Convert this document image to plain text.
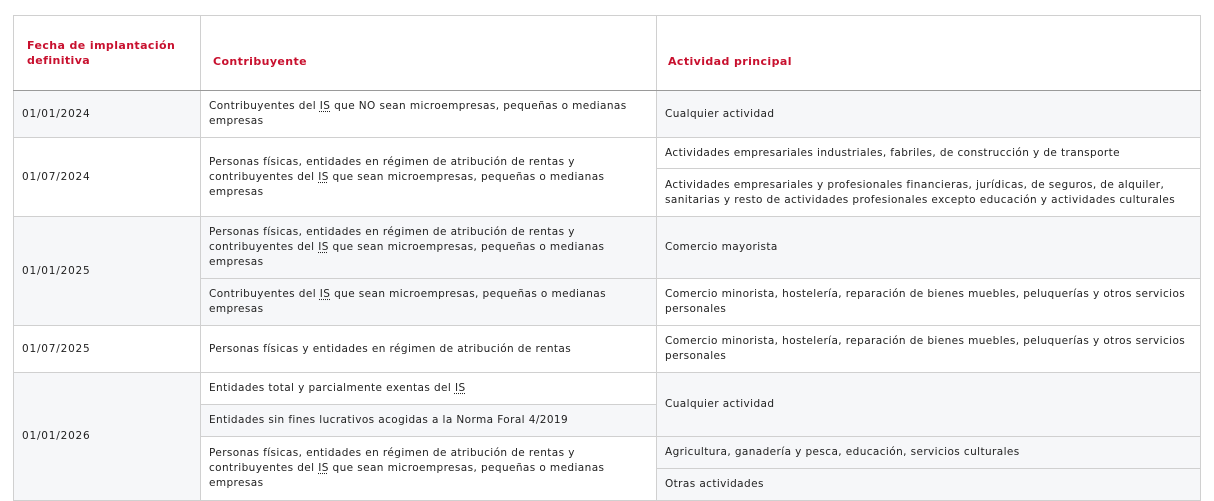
Fecha de implantación definitiva	Contribuyente	Actividad principal
01/01/2024	Contribuyentes del IS que NO sean microempresas, pequeñas o medianas empresas	Cualquier actividad
01/07/2024	Personas físicas, entidades en régimen de atribución de rentas y contribuyentes del IS que sean microempresas, pequeñas o medianas empresas	Actividades empresariales industriales, fabriles, de construcción y de transporte
		Actividades empresariales y profesionales financieras, jurídicas, de seguros, de alquiler, sanitarias y resto de actividades profesionales excepto educación y actividades culturales
01/01/2025	Personas físicas, entidades en régimen de atribución de rentas y contribuyentes del IS que sean microempresas, pequeñas o medianas empresas	Comercio mayorista
	Contribuyentes del IS que sean microempresas, pequeñas o medianas empresas	Comercio minorista, hostelería, reparación de bienes muebles, peluquerías y otros servicios personales
01/07/2025	Personas físicas y entidades en régimen de atribución de rentas	Comercio minorista, hostelería, reparación de bienes muebles, peluquerías y otros servicios personales
01/01/2026	Entidades total y parcialmente exentas del IS	Cualquier actividad
	Entidades sin fines lucrativos acogidas a la Norma Foral 4/2019	
	Personas físicas, entidades en régimen de atribución de rentas y contribuyentes del IS que sean microempresas, pequeñas o medianas empresas	Agricultura, ganadería y pesca, educación, servicios culturales
		Otras actividades
